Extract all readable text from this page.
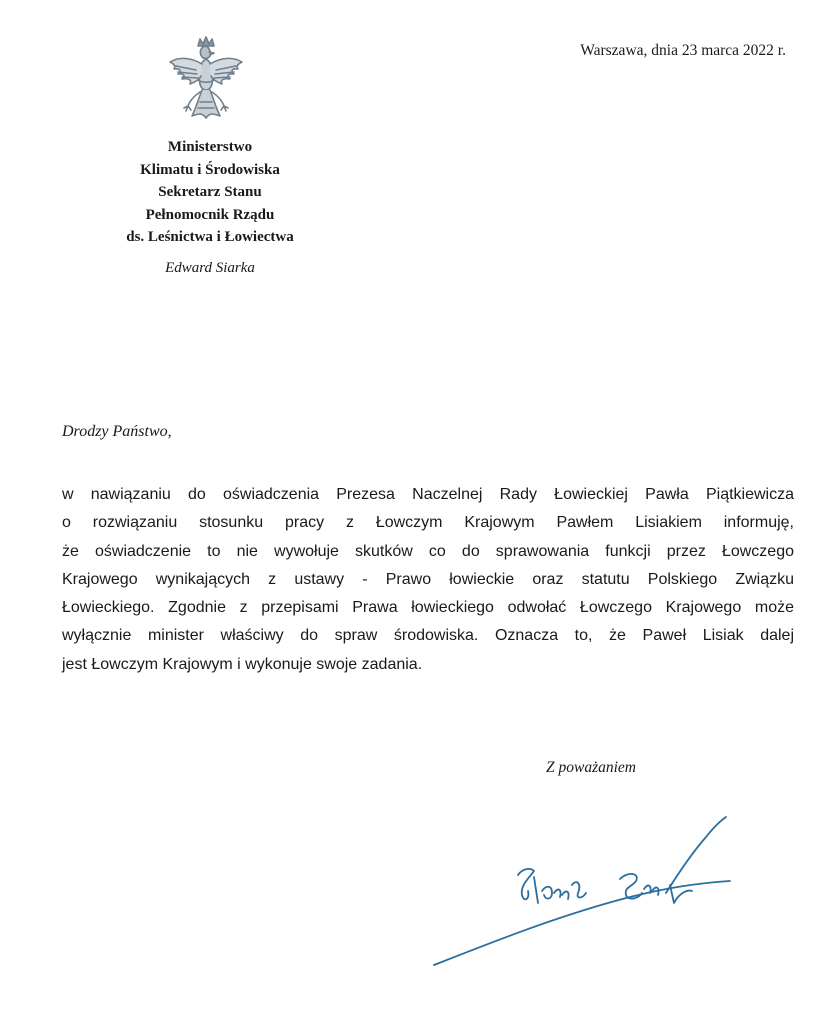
Warszawa, dnia 23 marca 2022 r.
Ministerstwo
Klimatu i Środowiska
Sekretarz Stanu
Pełnomocnik Rządu
ds. Leśnictwa i Łowiectwa
Edward Siarka
Drodzy Państwo,
w nawiązaniu do oświadczenia Prezesa Naczelnej Rady Łowieckiej Pawła Piątkiewicza
o rozwiązaniu stosunku pracy z Łowczym Krajowym Pawłem Lisiakiem informuję,
że oświadczenie to nie wywołuje skutków co do sprawowania funkcji przez Łowczego
Krajowego wynikających z ustawy - Prawo łowieckie oraz statutu Polskiego Związku
Łowieckiego. Zgodnie z przepisami Prawa łowieckiego odwołać Łowczego Krajowego może
wyłącznie minister właściwy do spraw środowiska. Oznacza to, że Paweł Lisiak dalej
jest Łowczym Krajowym i wykonuje swoje zadania.
Z poważaniem
